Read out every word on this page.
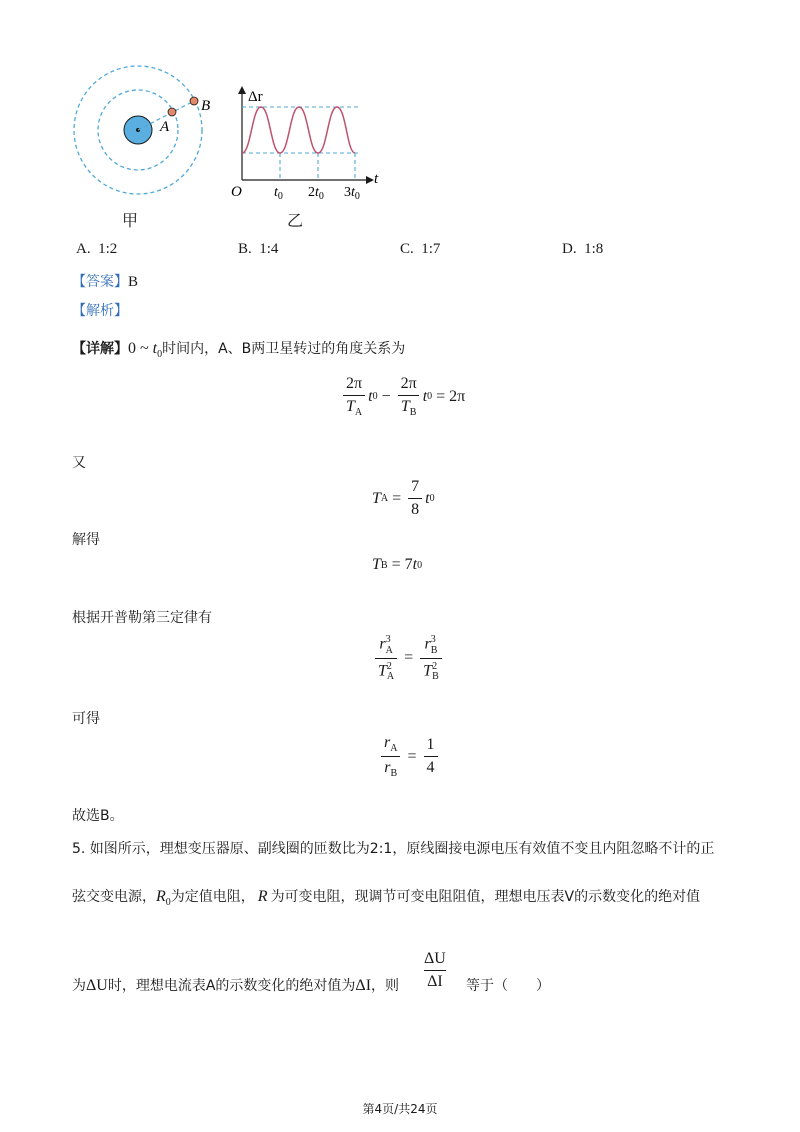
A
B
甲
Δr
t
O $t_0$ $2t_0$ $3t_0$
乙
A. 1:2	B. 1:4	C. 1:7	D. 1:8
【答案】B
【解析】
【详解】0 ~ $t_0$时间内，A、B两卫星转过的角度关系为
$\frac{2\pi}{T_A}$ t $0 - \frac{2\pi}{T_B}$ t 0 = 2π
又
T $A = \frac{7}{8}$ t 0
解得
T B = 7 t 0
根据开普勒第三定律有
$\frac{r^3_A}{T^2_A} = \frac{r^3_B}{T^2_B}$
可得
$\frac{r_A}{r_B} = \frac{1}{4}$
故选B。
5. 如图所示，理想变压器原、副线圈的匝数比为2:1，原线圈接电源电压有效值不变且内阻忽略不计的正
弦交变电源，$R_0$为定值电阻， R 为可变电阻，现调节可变电阻阻值，理想电压表V的示数变化的绝对值
为ΔU时，理想电流表A的示数变化的绝对值为ΔI，则 $\frac{\Delta U}{\Delta I}$ 等于（　　）
第4页/共24页
